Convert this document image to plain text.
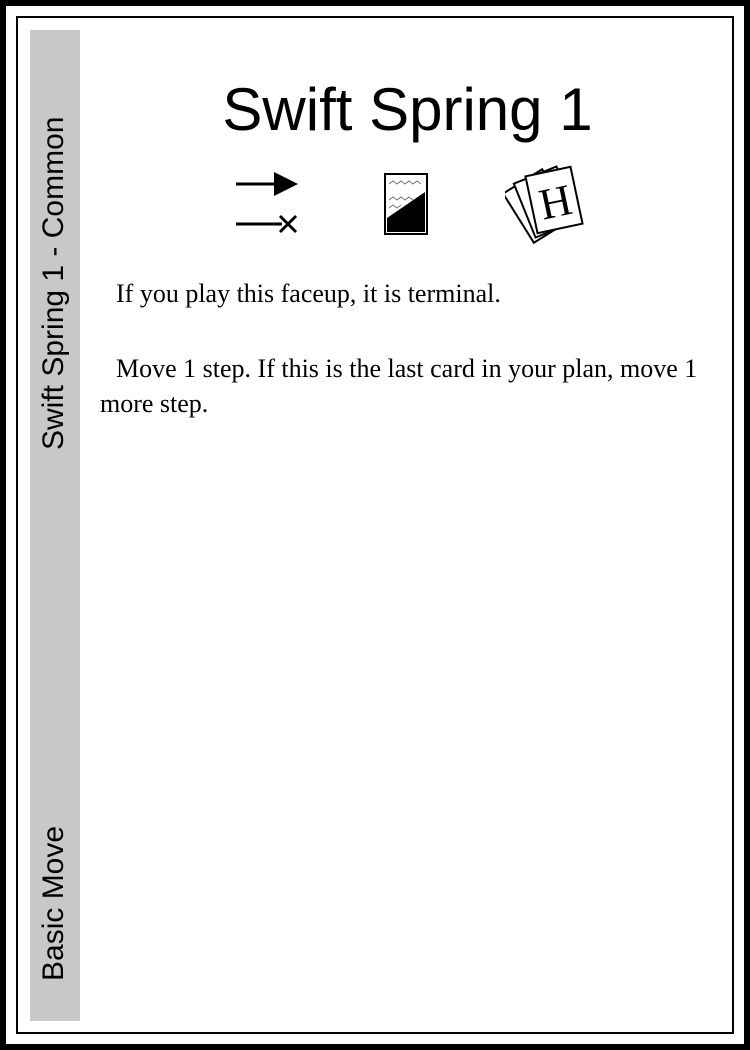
Swift Spring 1 - Common
Basic Move
Swift Spring 1
H

If you play this faceup, it is terminal.

Move 1 step. If this is the last card in your plan, move 1 more step.
